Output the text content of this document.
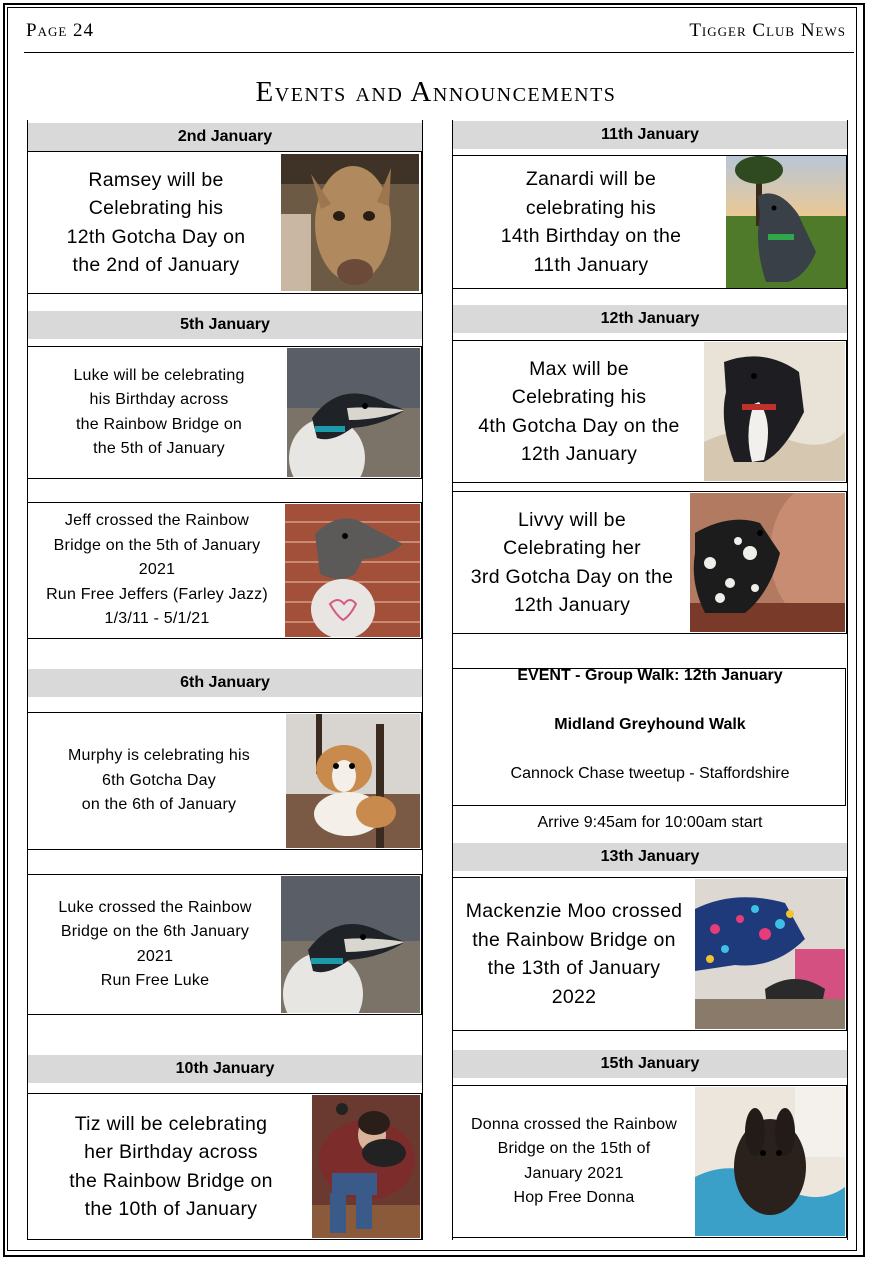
Page 24	Tigger Club News
Events and Announcements
2nd January
Ramsey will be
Celebrating his
12th Gotcha Day on
the 2nd of January
5th January
Luke will be celebrating
his Birthday across
the Rainbow Bridge on
the 5th of January
Jeff crossed the Rainbow
Bridge on the 5th of January
2021
Run Free Jeffers (Farley Jazz)
1/3/11 - 5/1/21
6th January
Murphy is celebrating his
6th Gotcha Day
on the 6th of January
Luke crossed the Rainbow
Bridge on the 6th January
2021
Run Free Luke
10th January
Tiz will be celebrating
her Birthday across
the Rainbow Bridge on
the 10th of January
11th January
Zanardi will be
celebrating his
14th Birthday on the
11th January
12th January
Max will be
Celebrating his
4th Gotcha Day on the
12th January
Livvy will be
Celebrating her
3rd Gotcha Day on the
12th January

EVENT - Group Walk: 12th January

Midland Greyhound Walk

Cannock Chase tweetup - Staffordshire

Arrive 9:45am for 10:00am start

13th January
Mackenzie Moo crossed
the Rainbow Bridge on
the 13th of January
2022
15th January
Donna crossed the Rainbow
Bridge on the 15th of
January 2021
Hop Free Donna
